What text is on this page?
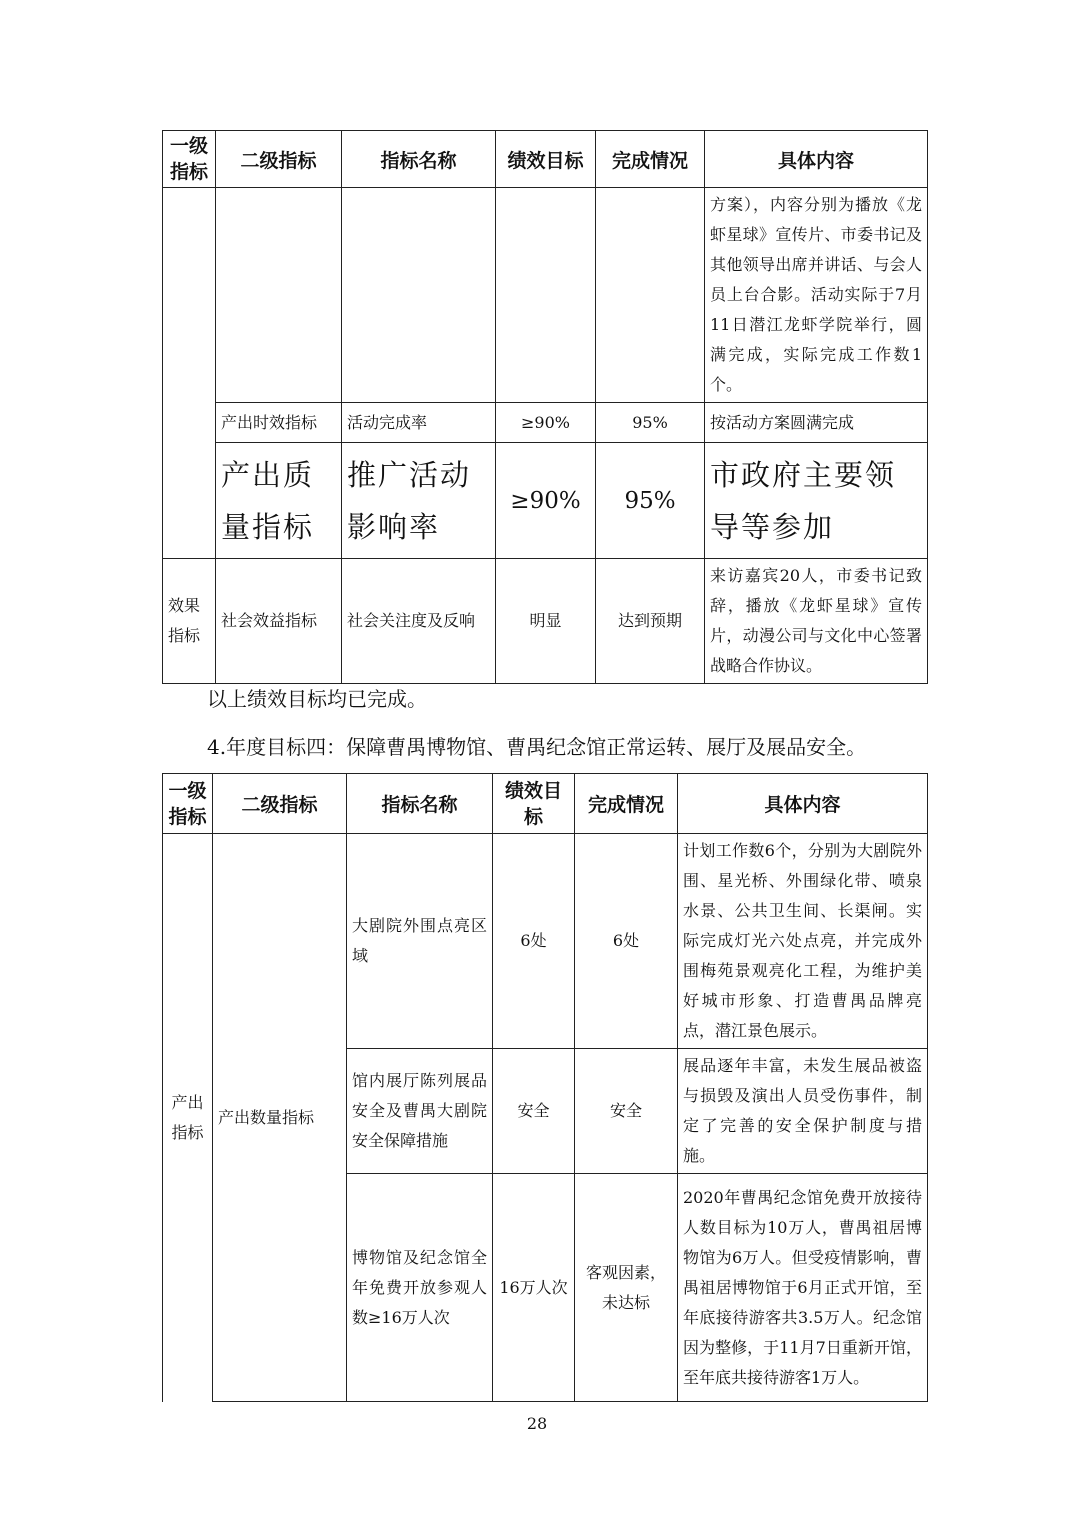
一级指标	二级指标	指标名称	绩效目标	完成情况	具体内容
					方案），内容分别为播放《龙虾星球》宣传片、市委书记及其他领导出席并讲话、与会人员上台合影。活动实际于7月11日潜江龙虾学院举行，圆满完成，实际完成工作数1个。
	产出时效指标	活动完成率	≥90%	95%	按活动方案圆满完成
	产出质量指标	推广活动影响率	≥90%	95%	市政府主要领导等参加
效果指标	社会效益指标	社会关注度及反响	明显	达到预期	来访嘉宾20人，市委书记致辞，播放《龙虾星球》宣传片，动漫公司与文化中心签署战略合作协议。
以上绩效目标均已完成。
4.年度目标四：保障曹禺博物馆、曹禺纪念馆正常运转、展厅及展品安全。
一级指标	二级指标	指标名称	绩效目标	完成情况	具体内容
产出指标	产出数量指标	大剧院外围点亮区域	6处	6处	计划工作数6个，分别为大剧院外围、星光桥、外围绿化带、喷泉水景、公共卫生间、长渠闸。实际完成灯光六处点亮，并完成外围梅苑景观亮化工程，为维护美好城市形象、打造曹禺品牌亮点，潜江景色展示。
		馆内展厅陈列展品安全及曹禺大剧院安全保障措施	安全	安全	展品逐年丰富，未发生展品被盗与损毁及演出人员受伤事件，制定了完善的安全保护制度与措施。
		博物馆及纪念馆全年免费开放参观人数≥16万人次	16万人次	客观因素，未达标	2020年曹禺纪念馆免费开放接待人数目标为10万人，曹禺祖居博物馆为6万人。但受疫情影响，曹禺祖居博物馆于6月正式开馆，至年底接待游客共3.5万人。纪念馆因为整修，于11月7日重新开馆，至年底共接待游客1万人。
28
